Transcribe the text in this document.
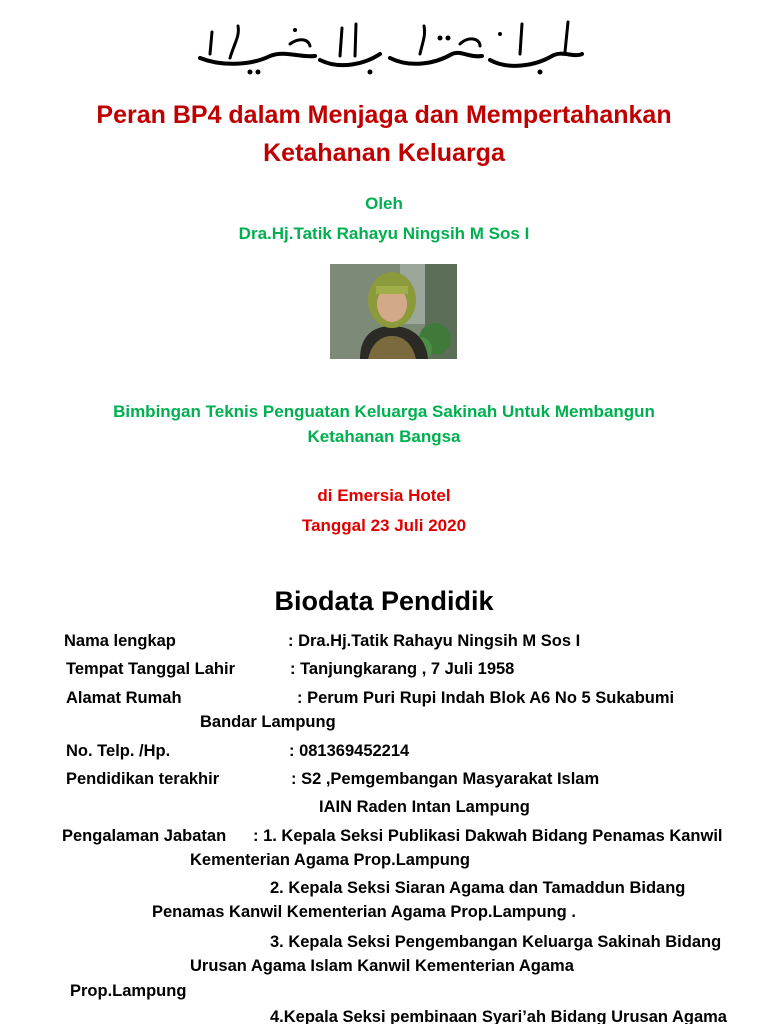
Peran BP4 dalam Menjaga dan Mempertahankan
Ketahanan Keluarga
Oleh
Dra.Hj.Tatik Rahayu Ningsih M Sos I
Bimbingan Teknis Penguatan Keluarga Sakinah Untuk Membangun
Ketahanan Bangsa
di Emersia Hotel
Tanggal 23 Juli 2020
Biodata Pendidik
Nama lengkap	: Dra.Hj.Tatik Rahayu Ningsih M Sos I
Tempat Tanggal Lahir	: Tanjungkarang , 7 Juli 1958
Alamat Rumah	: Perum Puri Rupi Indah Blok A6 No 5 Sukabumi
Bandar Lampung
No. Telp. /Hp.	: 081369452214
Pendidikan terakhir	: S2 ,Pemgembangan Masyarakat Islam
IAIN Raden Intan Lampung
Pengalaman Jabatan : 1. Kepala Seksi Publikasi Dakwah Bidang Penamas Kanwil
Kementerian Agama Prop.Lampung
2. Kepala Seksi Siaran Agama dan Tamaddun Bidang
Penamas Kanwil Kementerian Agama Prop.Lampung .
3. Kepala Seksi Pengembangan Keluarga Sakinah Bidang
Urusan Agama Islam Kanwil Kementerian Agama
Prop.Lampung
4.Kepala Seksi pembinaan Syari’ah Bidang Urusan Agama
